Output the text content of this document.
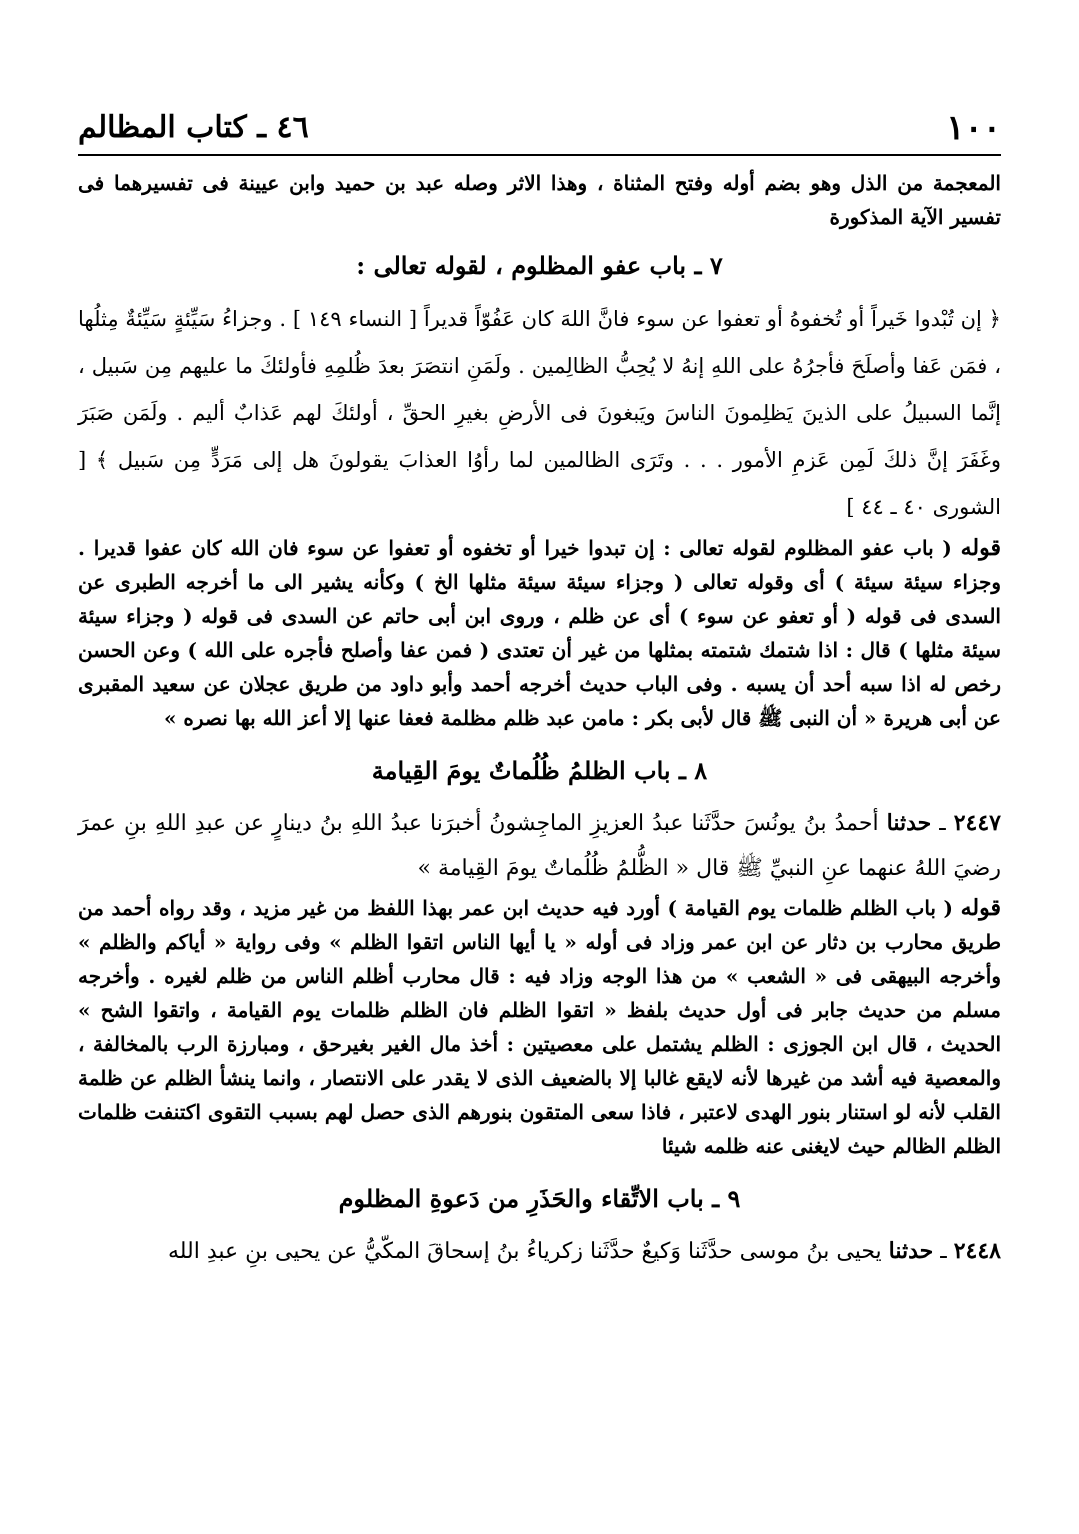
١٠٠
٤٦ ـ كتاب المظالم

المعجمة من الذل وهو بضم أوله وفتح المثناة ، وهذا الاثر وصله عبد بن حميد وابن عيينة فى تفسيرهما فى تفسير الآية المذكورة

٧ ـ باب عفو المظلوم ، لقوله تعالى :

﴿ إن تُبْدوا خَيراً أو تُخفوهُ أو تعفوا عن سوء فانَّ اللهَ كان عَفُوّاً قديراً [ النساء ١٤٩ ] . وجزاءُ سَيِّئةٍ سَيِّئةٌ مِثلُها ، فمَن عَفا وأصلَحَ فأجرُهُ على اللهِ إنهُ لا يُحِبُّ الظالِمين . ولَمَنِ انتصَرَ بعدَ ظُلمِهِ فأولئكَ ما عليهم مِن سَبيل ، إنَّما السبيلُ على الذينَ يَظلِمونَ الناسَ ويَبغونَ فى الأرضِ بغيرِ الحقِّ ، أولئكَ لهم عَذابٌ أليم . ولَمَن صَبَرَ وغَفَرَ إنَّ ذلكَ لَمِن عَزمِ الأمور . . . وتَرَى الظالمين لما رأوُا العذابَ يقولونَ هل إلى مَرَدٍّ مِن سَبيل ﴾ [ الشورى ٤٠ ـ ٤٤ ]

قوله ( باب عفو المظلوم لقوله تعالى : إن تبدوا خيرا أو تخفوه أو تعفوا عن سوء فان الله كان عفوا قديرا . وجزاء سيئة سيئة ) أى وقوله تعالى ( وجزاء سيئة سيئة مثلها الخ ) وكأنه يشير الى ما أخرجه الطبرى عن السدى فى قوله ( أو تعفو عن سوء ) أى عن ظلم ، وروى ابن أبى حاتم عن السدى فى قوله ( وجزاء سيئة سيئة مثلها ) قال : اذا شتمك شتمته بمثلها من غير أن تعتدى ( فمن عفا وأصلح فأجره على الله ) وعن الحسن رخص له اذا سبه أحد أن يسبه . وفى الباب حديث أخرجه أحمد وأبو داود من طريق عجلان عن سعيد المقبرى عن أبى هريرة « أن النبى ﷺ قال لأبى بكر : مامن عبد ظلم مظلمة فعفا عنها إلا أعز الله بها نصره »

٨ ـ باب الظلمُ ظُلُماتٌ يومَ القِيامة

٢٤٤٧ ـ حدثنا أحمدُ بنُ يونُسَ حدَّثَنا عبدُ العزيزِ الماجِشونُ أخبرَنا عبدُ اللهِ بنُ دينارٍ عن عبدِ اللهِ بنِ عمرَ رضيَ اللهُ عنهما عنِ النبيِّ ﷺ قال « الظُّلمُ ظُلُماتٌ يومَ القِيامة »

قوله ( باب الظلم ظلمات يوم القيامة ) أورد فيه حديث ابن عمر بهذا اللفظ من غير مزيد ، وقد رواه أحمد من طريق محارب بن دثار عن ابن عمر وزاد فى أوله « يا أيها الناس اتقوا الظلم » وفى رواية « أياكم والظلم » وأخرجه البيهقى فى « الشعب » من هذا الوجه وزاد فيه : قال محارب أظلم الناس من ظلم لغيره . وأخرجه مسلم من حديث جابر فى أول حديث بلفظ « اتقوا الظلم فان الظلم ظلمات يوم القيامة ، واتقوا الشح » الحديث ، قال ابن الجوزى : الظلم يشتمل على معصيتين : أخذ مال الغير بغيرحق ، ومبارزة الرب بالمخالفة ، والمعصية فيه أشد من غيرها لأنه لايقع غالبا إلا بالضعيف الذى لا يقدر على الانتصار ، وانما ينشأ الظلم عن ظلمة القلب لأنه لو استنار بنور الهدى لاعتبر ، فاذا سعى المتقون بنورهم الذى حصل لهم بسبب التقوى اكتنفت ظلمات الظلم الظالم حيث لايغنى عنه ظلمه شيئا

٩ ـ باب الاتِّقاء والحَذَرِ من دَعوةِ المظلوم

٢٤٤٨ ـ حدثنا يحيى بنُ موسى حدَّثَنا وَكيعٌ حدَّثَنا زكرياءُ بنُ إسحاقَ المكّيُّ عن يحيى بنِ عبدِ الله
